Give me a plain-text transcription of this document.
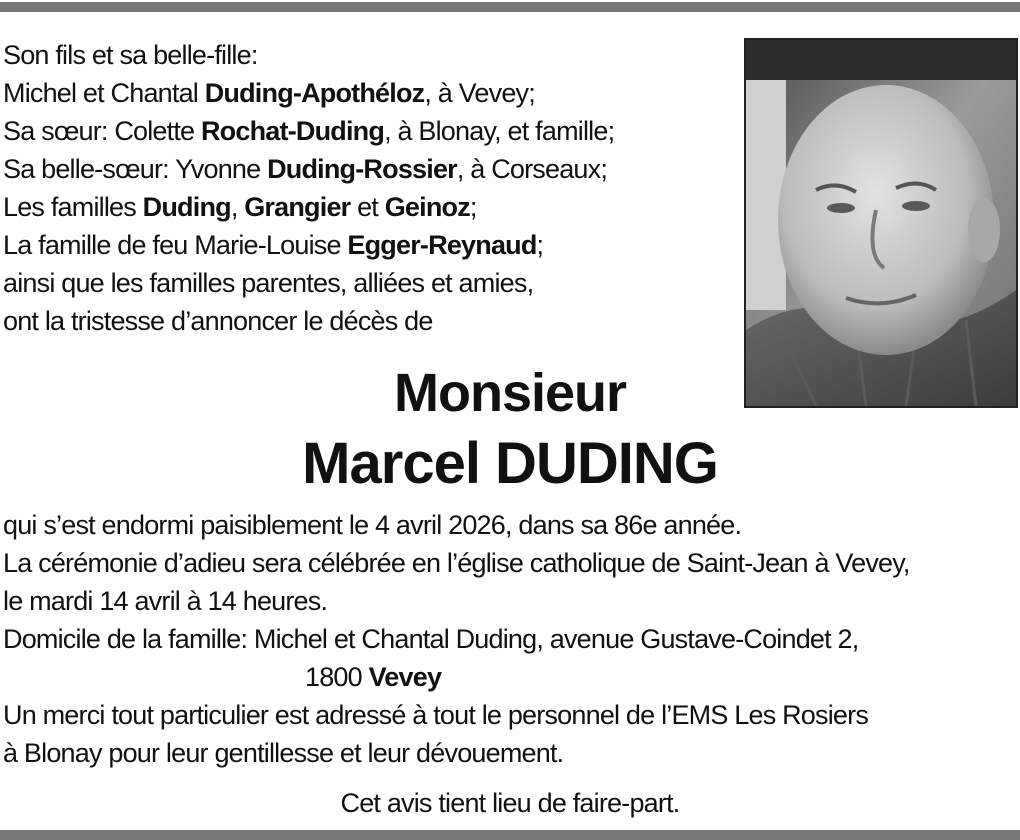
Son fils et sa belle-fille:
Michel et Chantal Duding-Apothéloz, à Vevey;
Sa sœur: Colette Rochat-Duding, à Blonay, et famille;
Sa belle-sœur: Yvonne Duding-Rossier, à Corseaux;
Les familles Duding, Grangier et Geinoz;
La famille de feu Marie-Louise Egger-Reynaud;
ainsi que les familles parentes, alliées et amies,
ont la tristesse d’annoncer le décès de
Monsieur
Marcel DUDING
qui s’est endormi paisiblement le 4 avril 2026, dans sa 86e année.
La cérémonie d’adieu sera célébrée en l’église catholique de Saint-Jean à Vevey,
le mardi 14 avril à 14 heures.
Domicile de la famille: Michel et Chantal Duding, avenue Gustave-Coindet 2,
1800 Vevey
Un merci tout particulier est adressé à tout le personnel de l’EMS Les Rosiers
à Blonay pour leur gentillesse et leur dévouement.
Cet avis tient lieu de faire-part.
